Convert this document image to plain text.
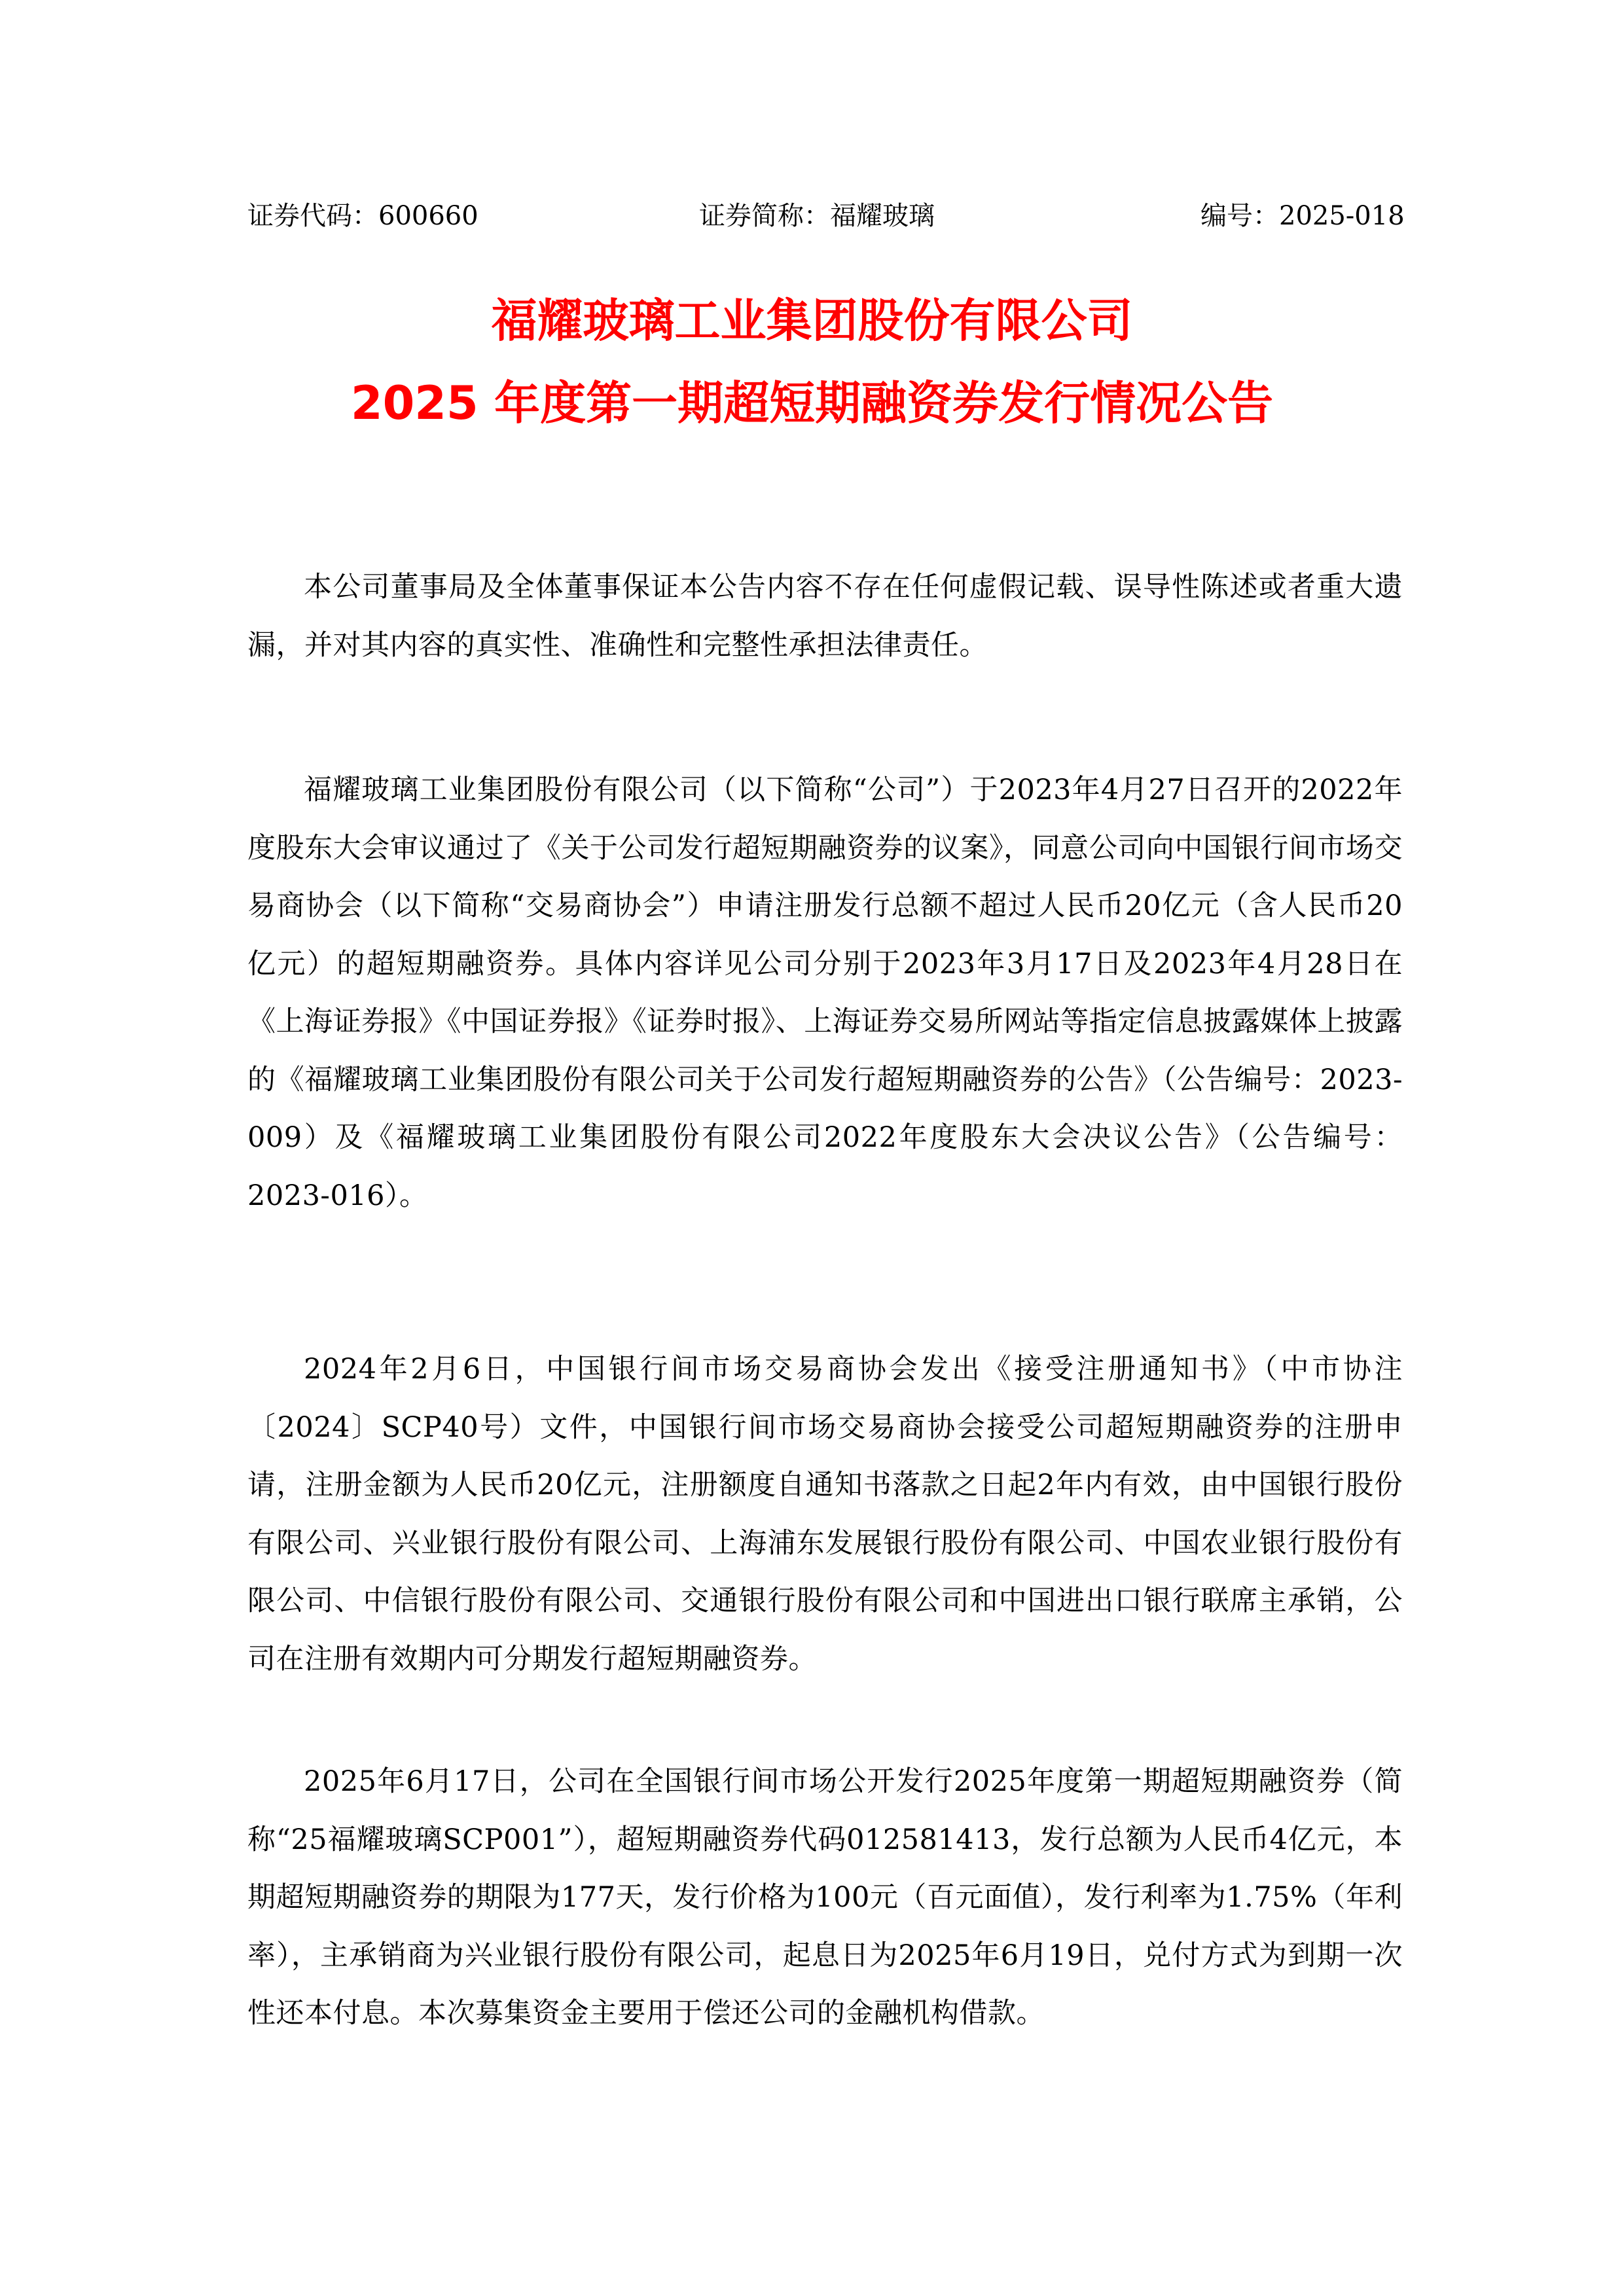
证券代码：600660	证券简称：福耀玻璃	编号：2025-018
福耀玻璃工业集团股份有限公司
2025 年度第一期超短期融资券发行情况公告

本公司董事局及全体董事保证本公告内容不存在任何虚假记载、误导性陈述或者重大遗漏，并对其内容的真实性、准确性和完整性承担法律责任。

福耀玻璃工业集团股份有限公司（以下简称“公司”）于2023年4月27日召开的2022年度股东大会审议通过了《关于公司发行超短期融资券的议案》，同意公司向中国银行间市场交易商协会（以下简称“交易商协会”）申请注册发行总额不超过人民币20亿元（含人民币20亿元）的超短期融资券。具体内容详见公司分别于2023年3月17日及2023年4月28日在《上海证券报》《中国证券报》《证券时报》、上海证券交易所网站等指定信息披露媒体上披露的《福耀玻璃工业集团股份有限公司关于公司发行超短期融资券的公告》（公告编号：2023-009）及《福耀玻璃工业集团股份有限公司2022年度股东大会决议公告》（公告编号：2023-016）。

2024年2月6日，中国银行间市场交易商协会发出《接受注册通知书》（中市协注〔2024〕SCP40号）文件，中国银行间市场交易商协会接受公司超短期融资券的注册申请，注册金额为人民币20亿元，注册额度自通知书落款之日起2年内有效，由中国银行股份有限公司、兴业银行股份有限公司、上海浦东发展银行股份有限公司、中国农业银行股份有限公司、中信银行股份有限公司、交通银行股份有限公司和中国进出口银行联席主承销，公司在注册有效期内可分期发行超短期融资券。

2025年6月17日，公司在全国银行间市场公开发行2025年度第一期超短期融资券（简称“25福耀玻璃SCP001”），超短期融资券代码012581413，发行总额为人民币4亿元，本期超短期融资券的期限为177天，发行价格为100元（百元面值），发行利率为1.75%（年利率），主承销商为兴业银行股份有限公司，起息日为2025年6月19日，兑付方式为到期一次性还本付息。本次募集资金主要用于偿还公司的金融机构借款。
